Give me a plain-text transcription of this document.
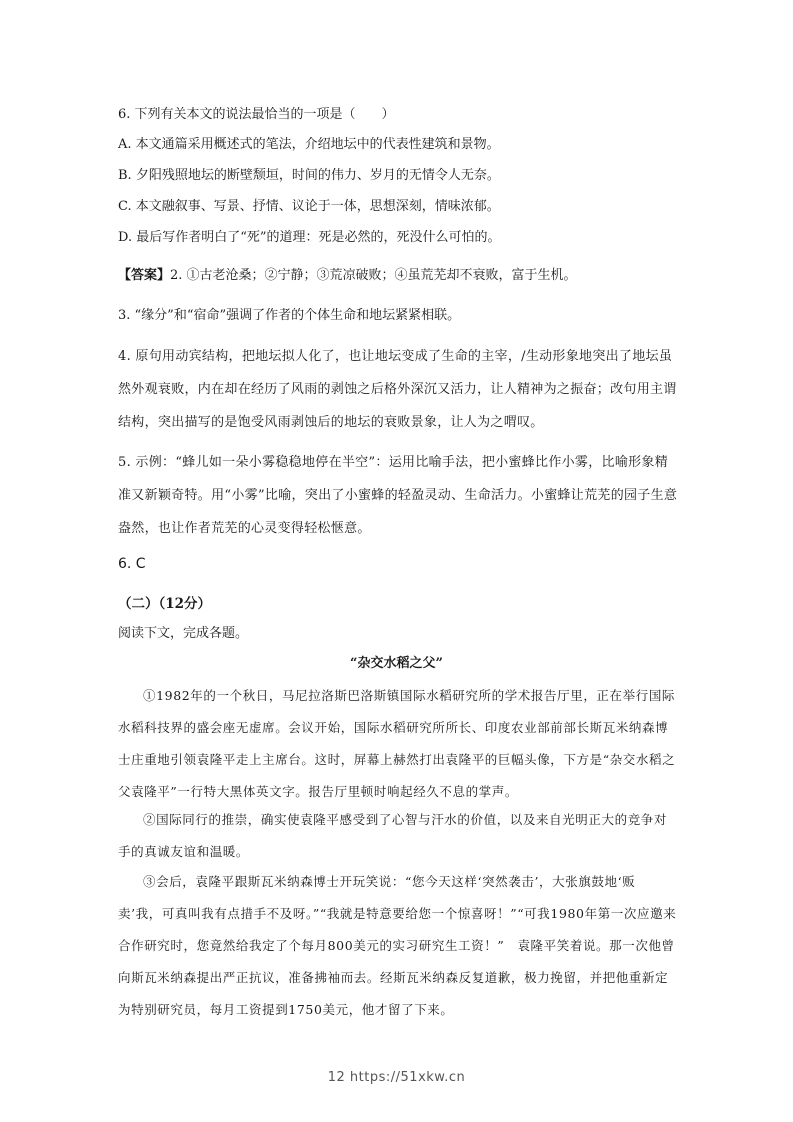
6. 下列有关本文的说法最恰当的一项是（　　）
A. 本文通篇采用概述式的笔法，介绍地坛中的代表性建筑和景物。
B. 夕阳残照地坛的断壁颓垣，时间的伟力、岁月的无情令人无奈。
C. 本文融叙事、写景、抒情、议论于一体，思想深刻，情味浓郁。
D. 最后写作者明白了“死”的道理：死是必然的，死没什么可怕的。
【答案】2. ①古老沧桑；②宁静；③荒凉破败；④虽荒芜却不衰败，富于生机。
3. “缘分”和“宿命”强调了作者的个体生命和地坛紧紧相联。
4. 原句用动宾结构，把地坛拟人化了，也让地坛变成了生命的主宰，/生动形象地突出了地坛虽然外观衰败，内在却在经历了风雨的剥蚀之后格外深沉又活力，让人精神为之振奋；改句用主谓结构，突出描写的是饱受风雨剥蚀后的地坛的衰败景象，让人为之喟叹。
5. 示例：“蜂儿如一朵小雾稳稳地停在半空”：运用比喻手法，把小蜜蜂比作小雾，比喻形象精准又新颖奇特。用“小雾”比喻，突出了小蜜蜂的轻盈灵动、生命活力。小蜜蜂让荒芜的园子生意盎然，也让作者荒芜的心灵变得轻松惬意。
6. C
（二）（12分）
阅读下文，完成各题。
“杂交水稻之父”
①1982年的一个秋日，马尼拉洛斯巴洛斯镇国际水稻研究所的学术报告厅里，正在举行国际水稻科技界的盛会座无虚席。会议开始，国际水稻研究所所长、印度农业部前部长斯瓦米纳森博士庄重地引领袁隆平走上主席台。这时，屏幕上赫然打出袁隆平的巨幅头像，下方是“杂交水稻之父袁隆平”一行特大黑体英文字。报告厅里顿时响起经久不息的掌声。
②国际同行的推崇，确实使袁隆平感受到了心智与汗水的价值，以及来自光明正大的竞争对手的真诚友谊和温暖。
③会后，袁隆平跟斯瓦米纳森博士开玩笑说：“您今天这样‘突然袭击’，大张旗鼓地‘贩卖’我，可真叫我有点措手不及呀。”“我就是特意要给您一个惊喜呀！”“可我1980年第一次应邀来合作研究时，您竟然给我定了个每月800美元的实习研究生工资！”　袁隆平笑着说。那一次他曾向斯瓦米纳森提出严正抗议，准备拂袖而去。经斯瓦米纳森反复道歉，极力挽留，并把他重新定为特别研究员，每月工资提到1750美元，他才留了下来。
12 https://51xkw.cn
